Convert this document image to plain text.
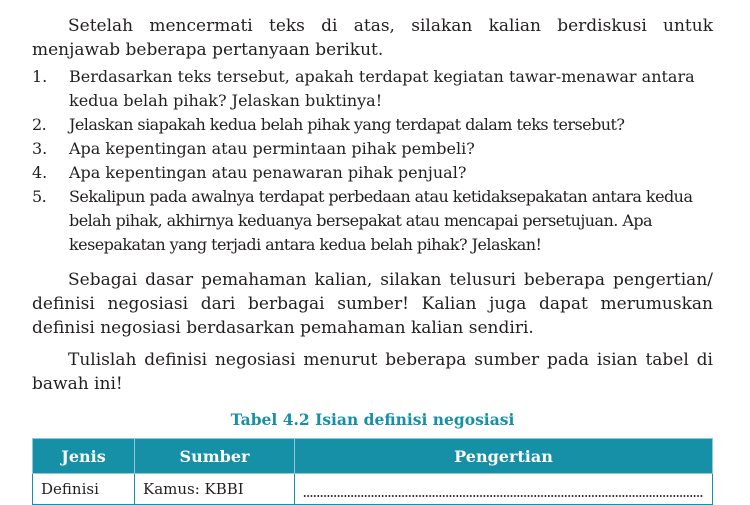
Setelah mencermati teks di atas, silakan kalian berdiskusi untuk menjawab beberapa pertanyaan berikut.

1. Berdasarkan teks tersebut, apakah terdapat kegiatan tawar-menawar antara kedua belah pihak? Jelaskan buktinya!
2. Jelaskan siapakah kedua belah pihak yang terdapat dalam teks tersebut?
3. Apa kepentingan atau permintaan pihak pembeli?
4. Apa kepentingan atau penawaran pihak penjual?
5. Sekalipun pada awalnya terdapat perbedaan atau ketidaksepakatan antara kedua belah pihak, akhirnya keduanya bersepakat atau mencapai persetujuan. Apa kesepakatan yang terjadi antara kedua belah pihak? Jelaskan!

Sebagai dasar pemahaman kalian, silakan telusuri beberapa pengertian/ definisi negosiasi dari berbagai sumber! Kalian juga dapat merumuskan definisi negosiasi berdasarkan pemahaman kalian sendiri.

Tulislah definisi negosiasi menurut beberapa sumber pada isian tabel di bawah ini!

Tabel 4.2 Isian definisi negosiasi
Jenis	Sumber	Pengertian
Definisi	Kamus: KBBI	
